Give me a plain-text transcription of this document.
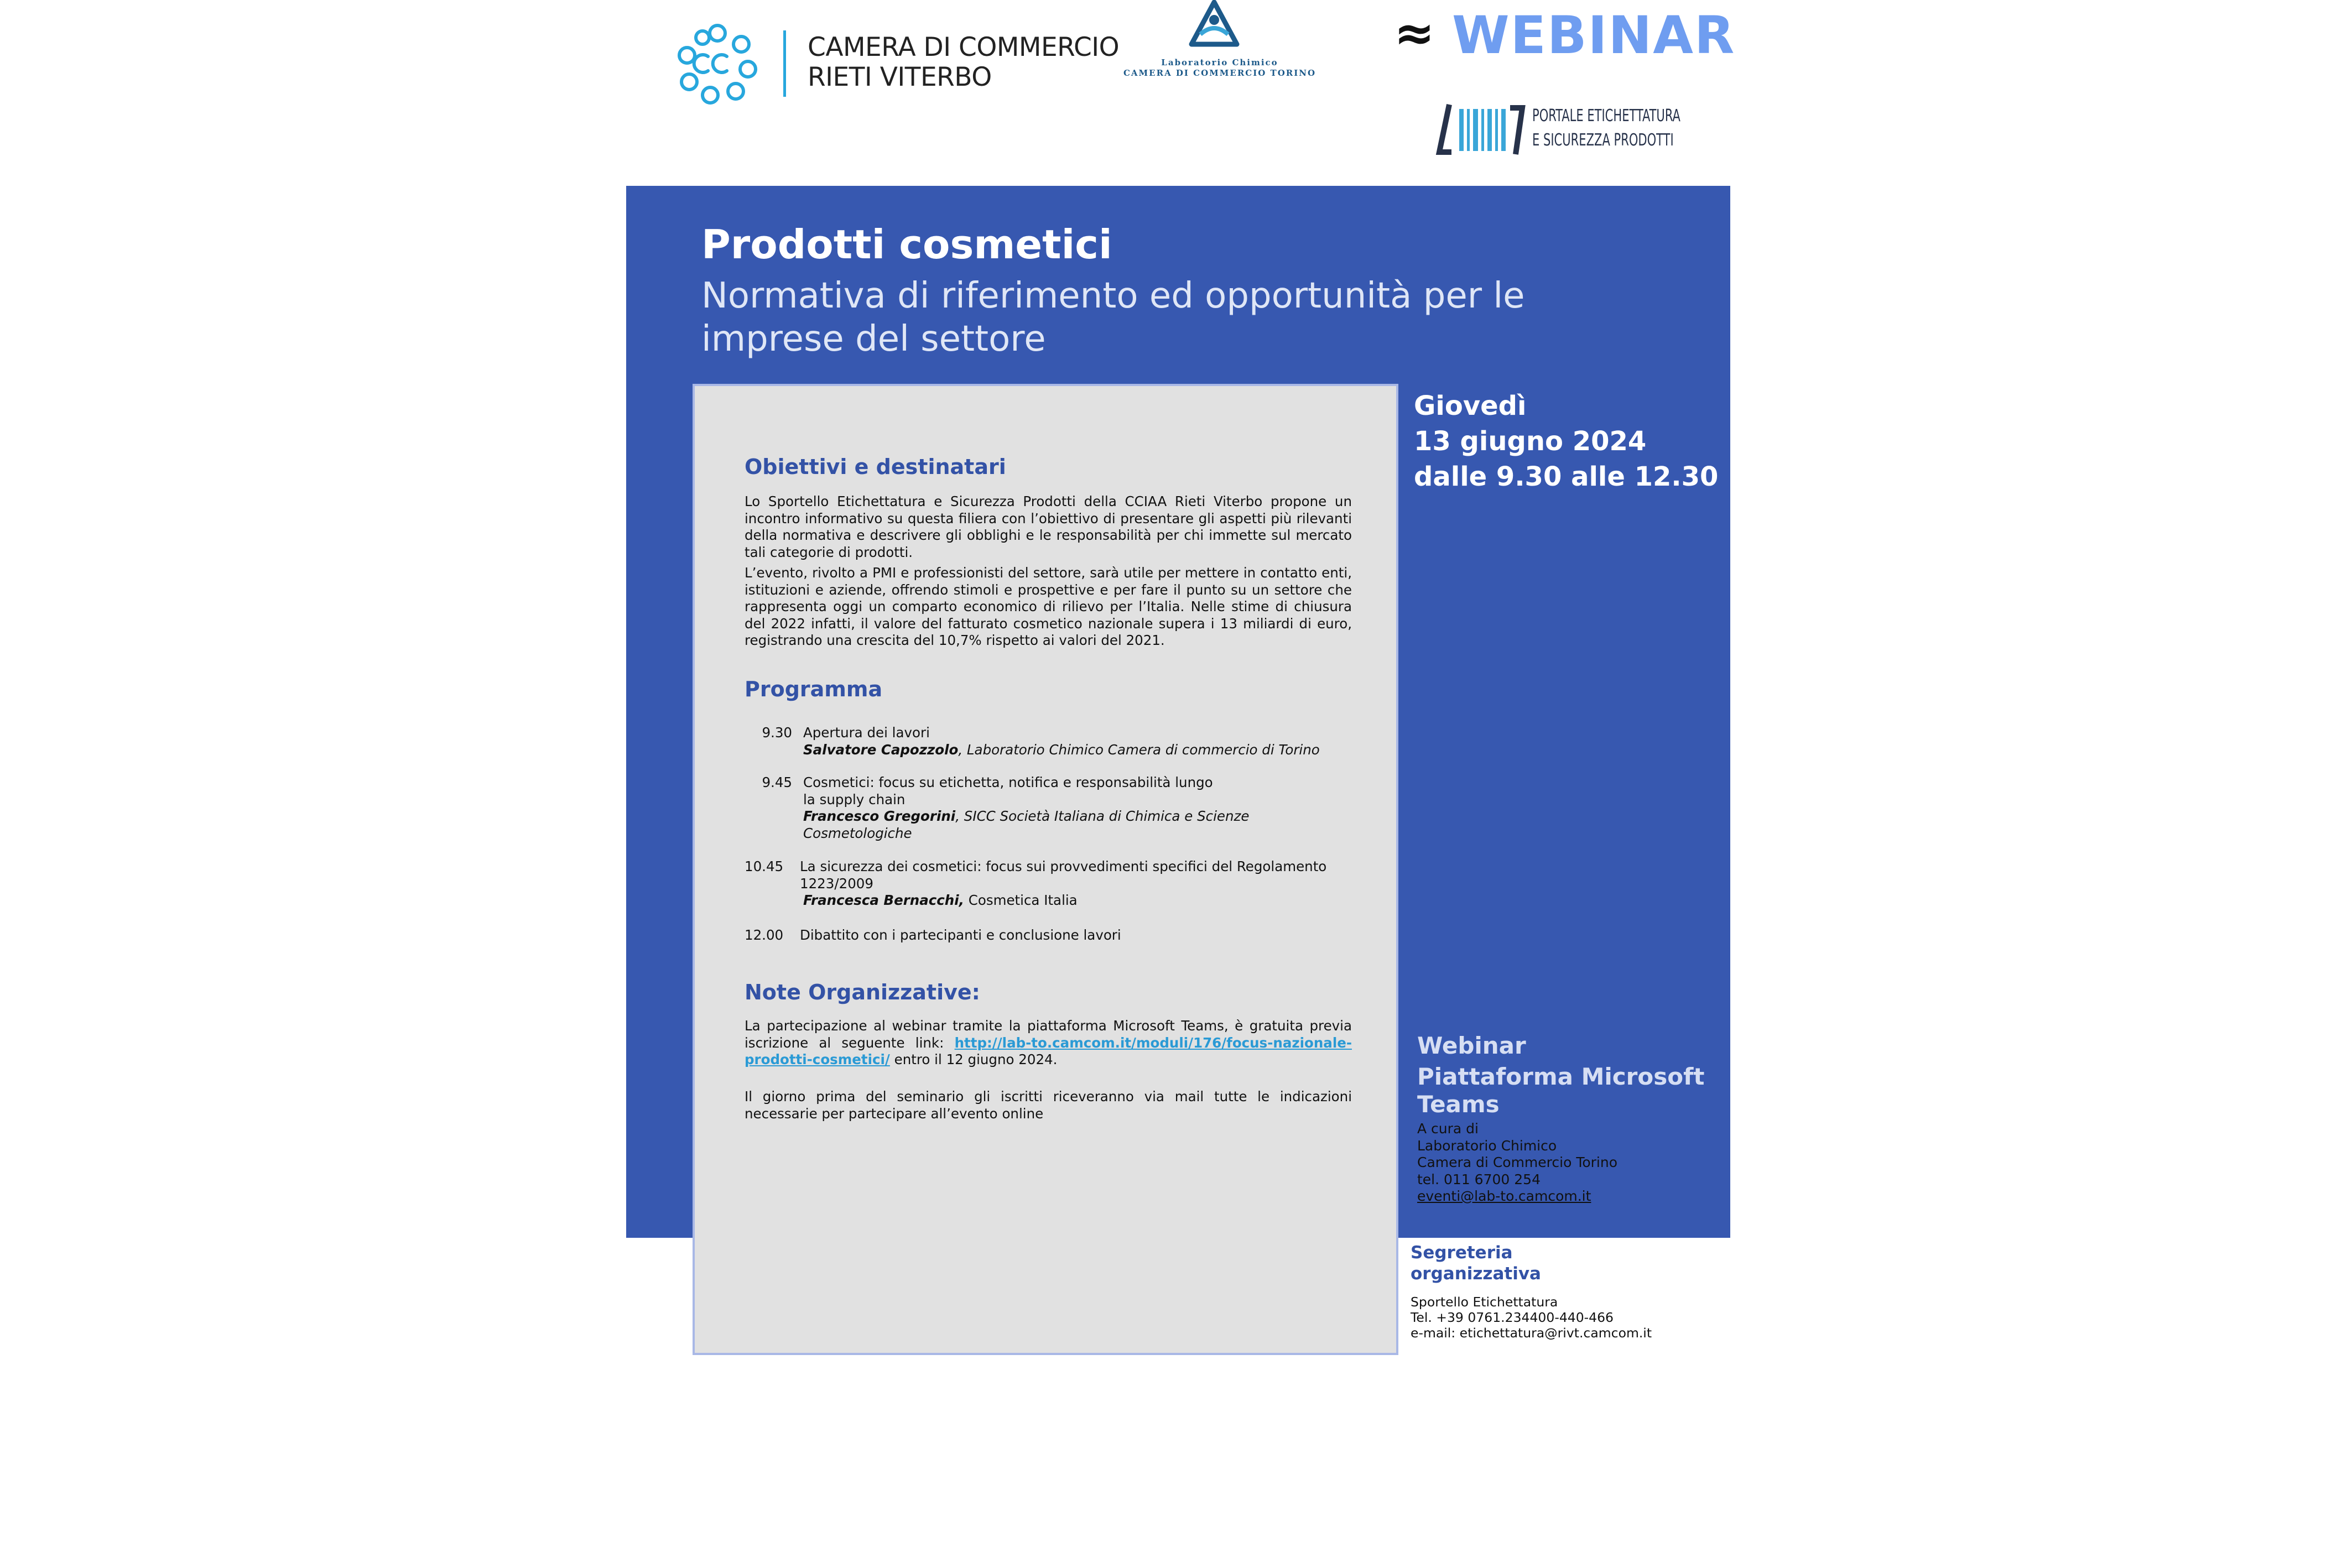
CAMERA DI COMMERCIO
RIETI VITERBO	Laboratorio Chimico
CAMERA DI COMMERCIO TORINO
≈ WEBINAR
PORTALE ETICHETTATURA
E SICUREZZA PRODOTTI
Prodotti cosmetici
Normativa di riferimento ed opportunità per le
imprese del settore
Giovedì
13 giugno 2024
dalle 9.30 alle 12.30
Obiettivi e destinatari
Lo Sportello Etichettatura e Sicurezza Prodotti della CCIAA Rieti Viterbo propone un incontro informativo su questa filiera con l’obiettivo di presentare gli aspetti più rilevanti della normativa e descrivere gli obblighi e le responsabilità per chi immette sul mercato tali categorie di prodotti.
L’evento, rivolto a PMI e professionisti del settore, sarà utile per mettere in contatto enti, istituzioni e aziende, offrendo stimoli e prospettive e per fare il punto su un settore che rappresenta oggi un comparto economico di rilievo per l’Italia. Nelle stime di chiusura del 2022 infatti, il valore del fatturato cosmetico nazionale supera i 13 miliardi di euro, registrando una crescita del 10,7% rispetto ai valori del 2021.
Programma
9.30 Apertura dei lavori
Salvatore Capozzolo, Laboratorio Chimico Camera di commercio di Torino
9.45 Cosmetici: focus su etichetta, notifica e responsabilità lungo
la supply chain
Francesco Gregorini, SICC Società Italiana di Chimica e Scienze
Cosmetologiche
10.45 La sicurezza dei cosmetici: focus sui provvedimenti specifici del Regolamento
1223/2009
Francesca Bernacchi, Cosmetica Italia
12.00 Dibattito con i partecipanti e conclusione lavori
Note Organizzative:
La partecipazione al webinar tramite la piattaforma Microsoft Teams, è gratuita previa iscrizione al seguente link: http://lab-to.camcom.it/moduli/176/focus-nazionale-prodotti-cosmetici/ entro il 12 giugno 2024.
Il giorno prima del seminario gli iscritti riceveranno via mail tutte le indicazioni necessarie per partecipare all’evento online
Webinar
Piattaforma Microsoft Teams
A cura di
Laboratorio Chimico
Camera di Commercio Torino
tel. 011 6700 254
eventi@lab-to.camcom.it
Segreteria
organizzativa
Sportello Etichettatura
Tel. +39 0761.234400-440-466
e-mail: etichettatura@rivt.camcom.it
